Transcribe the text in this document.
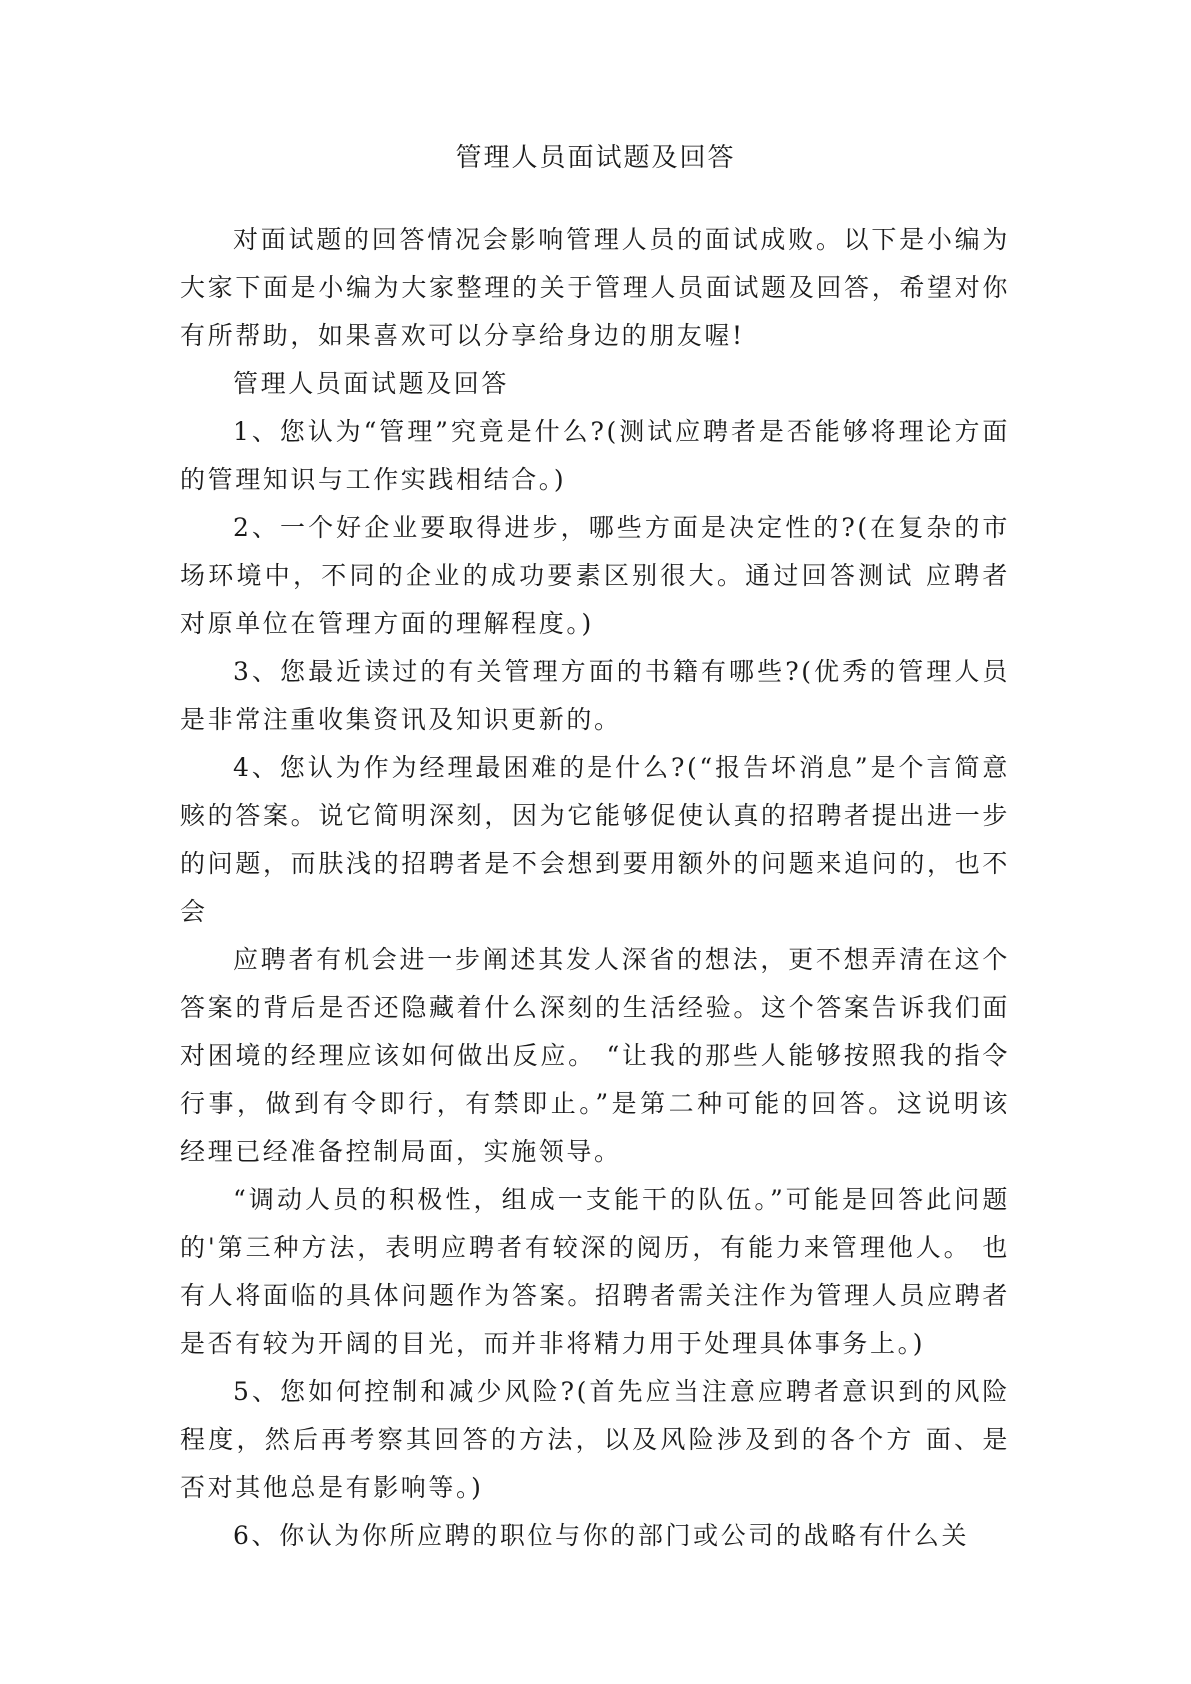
管理人员面试题及回答

对面试题的回答情况会影响管理人员的面试成败。以下是小编为大家下面是小编为大家整理的关于管理人员面试题及回答，希望对你有所帮助，如果喜欢可以分享给身边的朋友喔!

管理人员面试题及回答

1、您认为“管理”究竟是什么?(测试应聘者是否能够将理论方面的管理知识与工作实践相结合。)

2、一个好企业要取得进步，哪些方面是决定性的?(在复杂的市场环境中，不同的企业的成功要素区别很大。通过回答测试 应聘者对原单位在管理方面的理解程度。)

3、您最近读过的有关管理方面的书籍有哪些?(优秀的管理人员是非常注重收集资讯及知识更新的。

4、您认为作为经理最困难的是什么?(“报告坏消息”是个言简意赅的答案。说它简明深刻，因为它能够促使认真的招聘者提出进一步的问题，而肤浅的招聘者是不会想到要用额外的问题来追问的，也不会

应聘者有机会进一步阐述其发人深省的想法，更不想弄清在这个答案的背后是否还隐藏着什么深刻的生活经验。这个答案告诉我们面对困境的经理应该如何做出反应。 “让我的那些人能够按照我的指令行事，做到有令即行，有禁即止。”是第二种可能的回答。这说明该经理已经准备控制局面，实施领导。

“调动人员的积极性，组成一支能干的队伍。”可能是回答此问题的'第三种方法，表明应聘者有较深的阅历，有能力来管理他人。 也有人将面临的具体问题作为答案。招聘者需关注作为管理人员应聘者是否有较为开阔的目光，而并非将精力用于处理具体事务上。)

5、您如何控制和减少风险?(首先应当注意应聘者意识到的风险程度，然后再考察其回答的方法，以及风险涉及到的各个方 面、是否对其他总是有影响等。)

6、你认为你所应聘的职位与你的部门或公司的战略有什么关
